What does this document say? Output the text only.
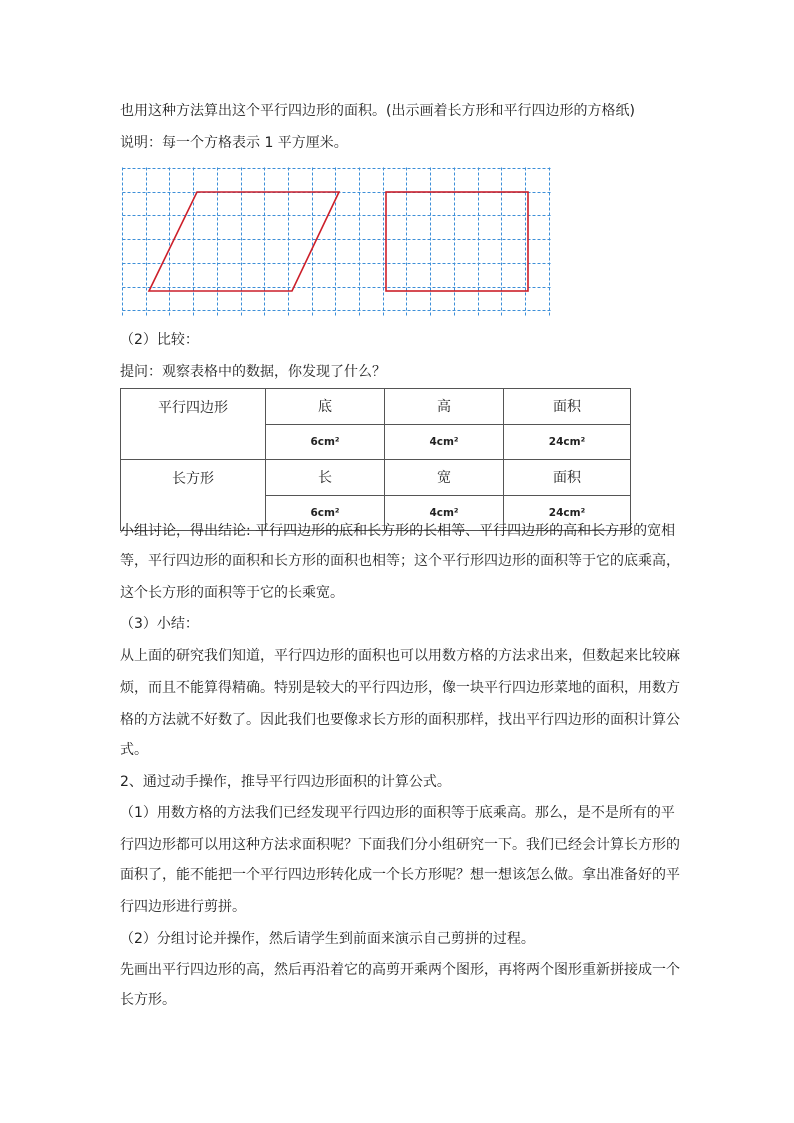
也用这种方法算出这个平行四边形的面积。(出示画着长方形和平行四边形的方格纸)
说明：每一个方格表示 1 平方厘米。
（2）比较：
提问：观察表格中的数据，你发现了什么？
平行四边形	底	高	面积
	6cm²	4cm²	24cm²
长方形	长	宽	面积
	6cm²	4cm²	24cm²
小组讨论，得出结论: 平行四边形的底和长方形的长相等、平行四边形的高和长方形的宽相
等，平行四边形的面积和长方形的面积也相等；这个平行形四边形的面积等于它的底乘高，
这个长方形的面积等于它的长乘宽。
（3）小结：
从上面的研究我们知道，平行四边形的面积也可以用数方格的方法求出来，但数起来比较麻
烦，而且不能算得精确。特别是较大的平行四边形，像一块平行四边形菜地的面积，用数方
格的方法就不好数了。因此我们也要像求长方形的面积那样，找出平行四边形的面积计算公
式。
2、通过动手操作，推导平行四边形面积的计算公式。
（1）用数方格的方法我们已经发现平行四边形的面积等于底乘高。那么，是不是所有的平
行四边形都可以用这种方法求面积呢？下面我们分小组研究一下。我们已经会计算长方形的
面积了，能不能把一个平行四边形转化成一个长方形呢？想一想该怎么做。拿出准备好的平
行四边形进行剪拼。
（2）分组讨论并操作，然后请学生到前面来演示自己剪拼的过程。
先画出平行四边形的高，然后再沿着它的高剪开乘两个图形，再将两个图形重新拼接成一个
长方形。
